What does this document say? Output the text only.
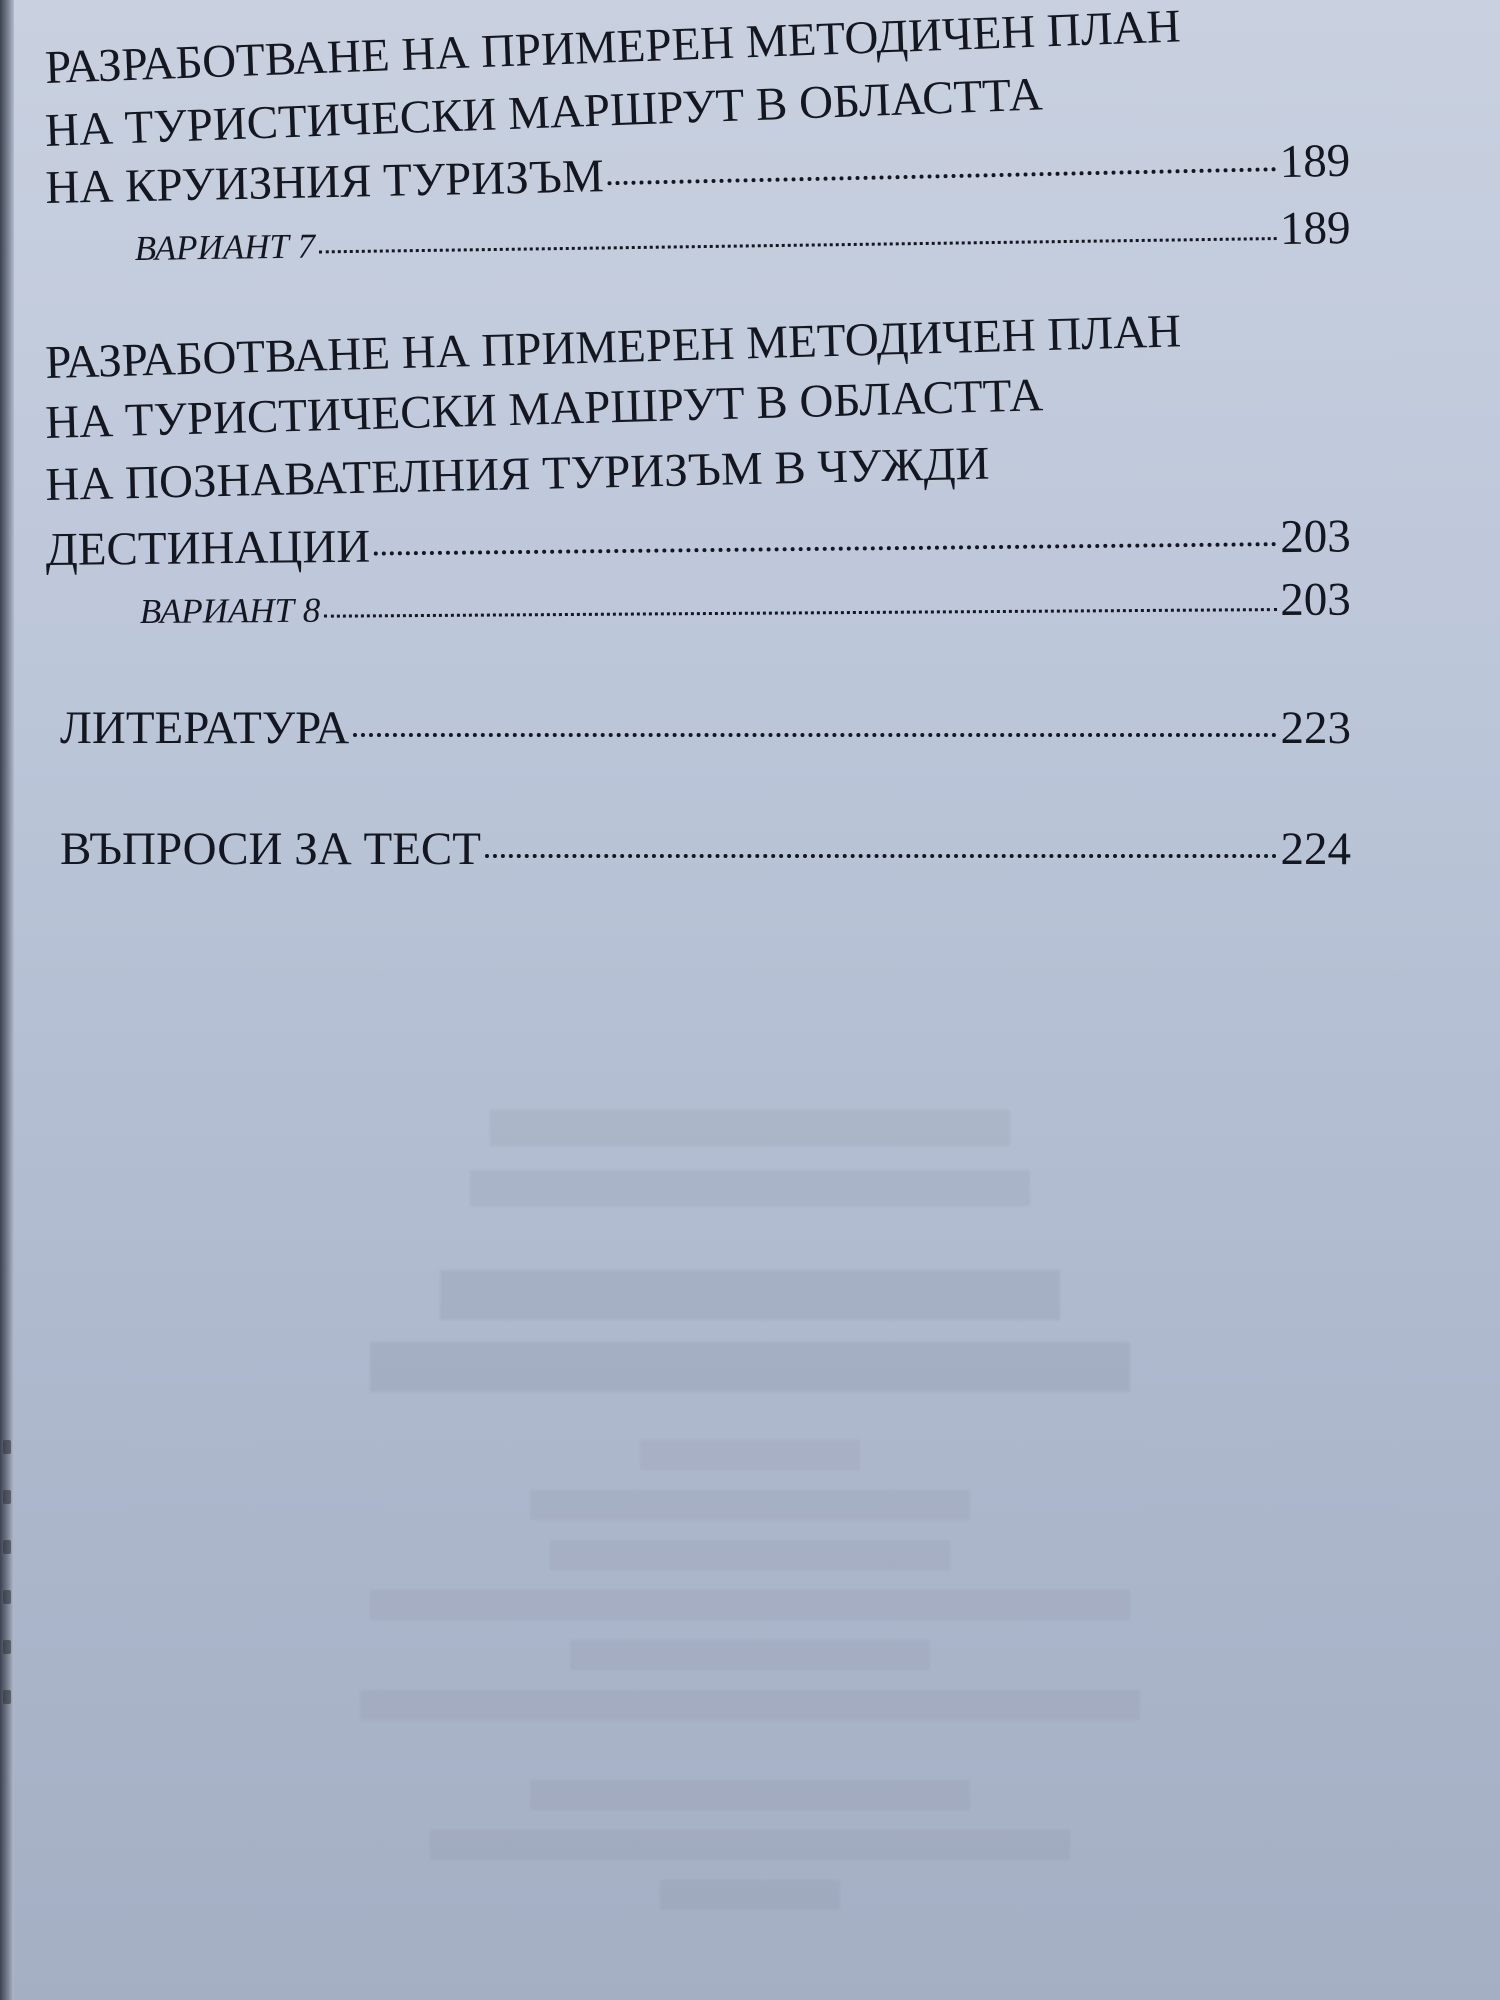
РАЗРАБОТВАНЕ НА ПРИМЕРЕН МЕТОДИЧЕН ПЛАН
НА ТУРИСТИЧЕСКИ МАРШРУТ В ОБЛАСТТА
НА КРУИЗНИЯ ТУРИЗЪМ	189
ВАРИАНТ 7	189
РАЗРАБОТВАНЕ НА ПРИМЕРЕН МЕТОДИЧЕН ПЛАН
НА ТУРИСТИЧЕСКИ МАРШРУТ В ОБЛАСТТА
НА ПОЗНАВАТЕЛНИЯ ТУРИЗЪМ В ЧУЖДИ
ДЕСТИНАЦИИ	203
ВАРИАНТ 8	203
ЛИТЕРАТУРА	223
ВЪПРОСИ ЗА ТЕСТ	224
